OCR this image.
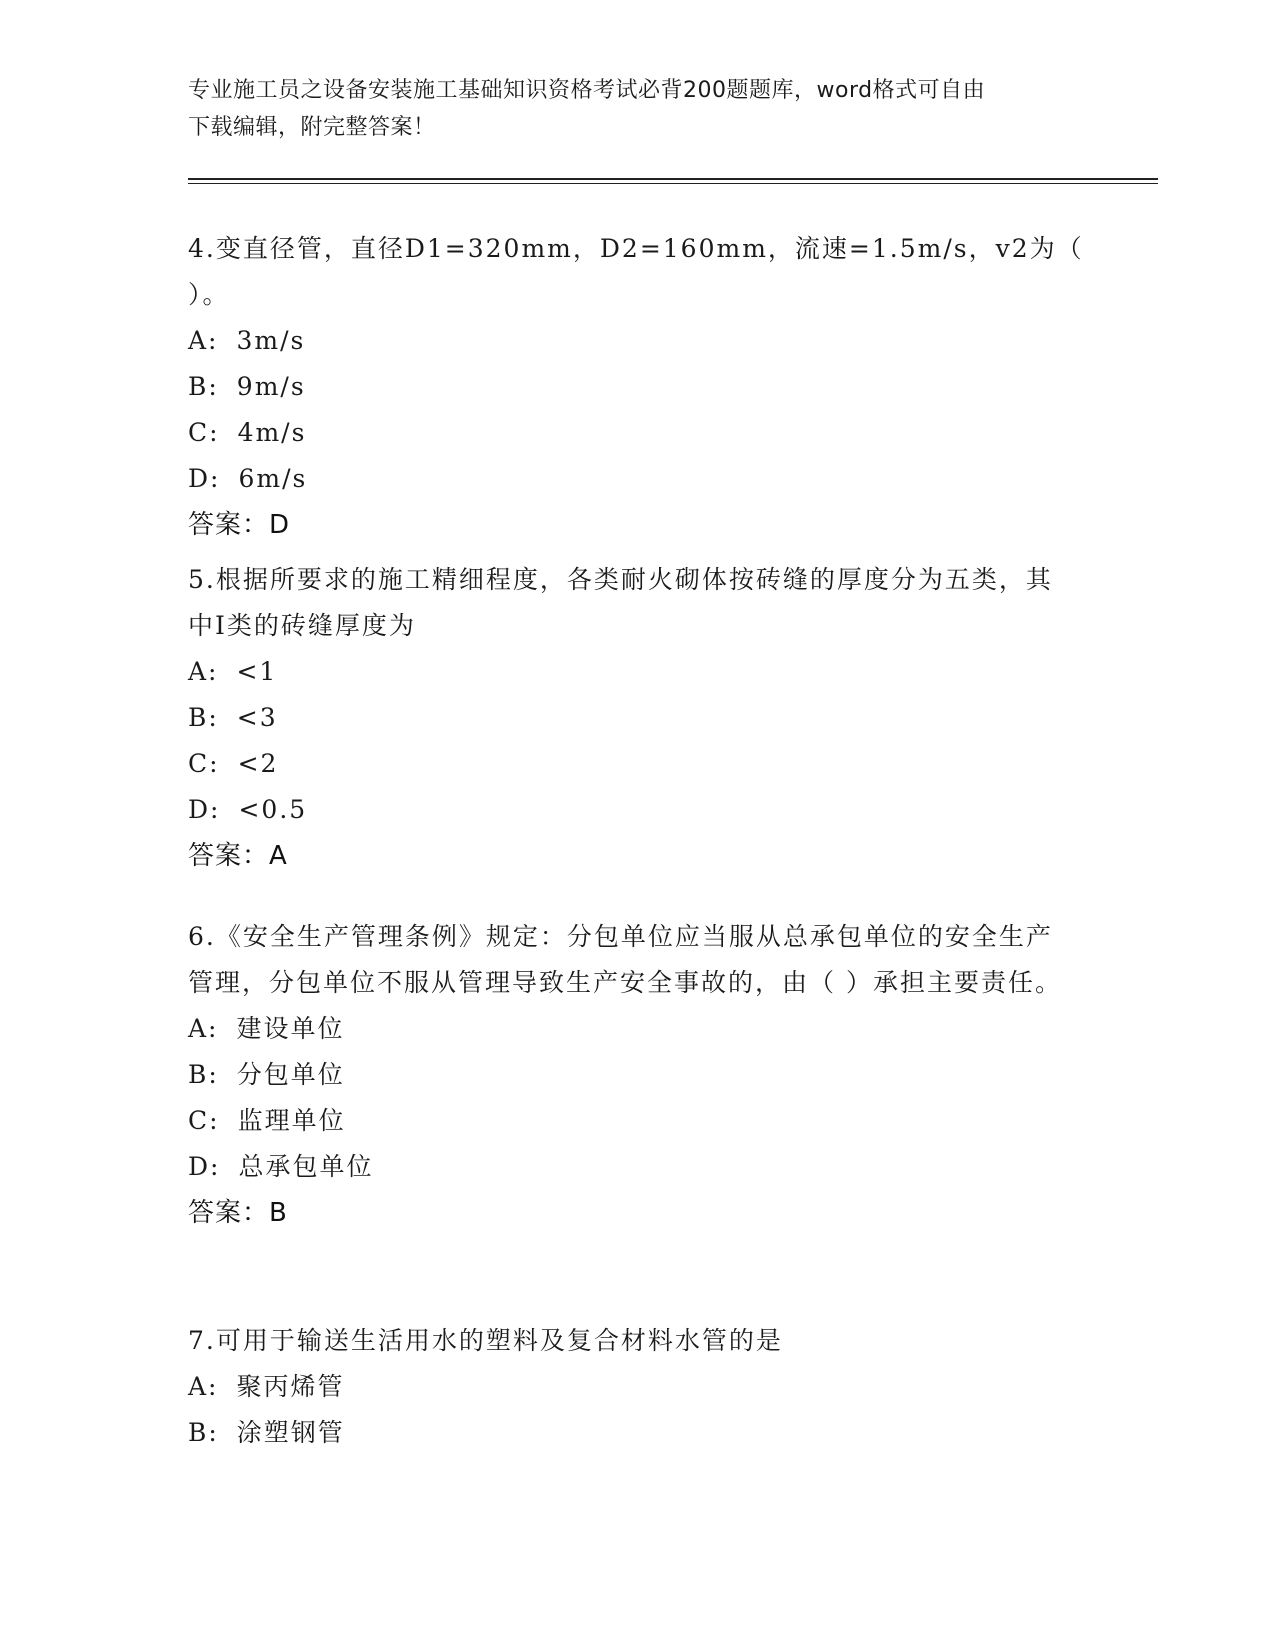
专业施工员之设备安装施工基础知识资格考试必背200题题库，word格式可自由
下载编辑，附完整答案！
4.变直径管，直径D1=320mm，D2=160mm，流速=1.5m/s，v2为（ ）。
A: 3m/s
B: 9m/s
C: 4m/s
D: 6m/s
答案：D
5.根据所要求的施工精细程度，各类耐火砌体按砖缝的厚度分为五类，其中Ⅰ类的砖缝厚度为
A: <1
B: <3
C: <2
D: <0.5
答案：A
6.《安全生产管理条例》规定：分包单位应当服从总承包单位的安全生产管理，分包单位不服从管理导致生产安全事故的，由（ ）承担主要责任。
A: 建设单位
B: 分包单位
C: 监理单位
D: 总承包单位
答案：B
7.可用于输送生活用水的塑料及复合材料水管的是
A: 聚丙烯管
B: 涂塑钢管
